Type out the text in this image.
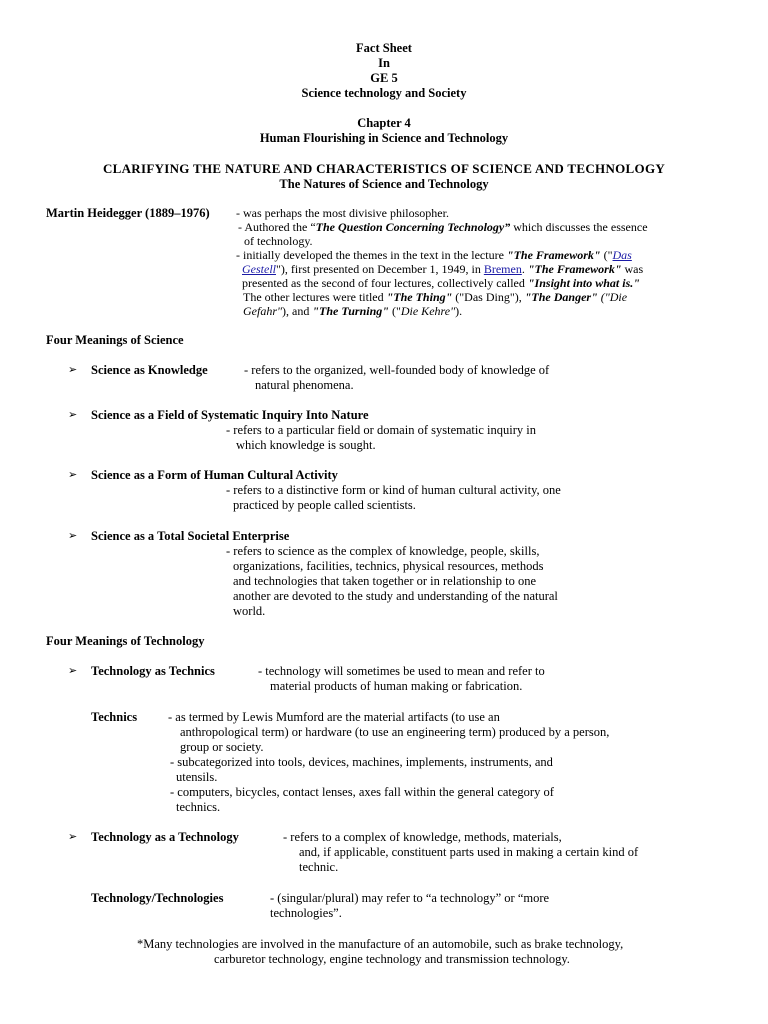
Fact Sheet
In
GE 5
Science technology and Society
Chapter 4
Human Flourishing in Science and Technology
CLARIFYING THE NATURE AND CHARACTERISTICS OF SCIENCE AND TECHNOLOGY
The Natures of Science and Technology
Martin Heidegger (1889–1976) - was perhaps the most divisive philosopher.
- Authored the “The Question Concerning Technology” which discusses the essence
of technology.
- initially developed the themes in the text in the lecture "The Framework" ("Das
Gestell"), first presented on December 1, 1949, in Bremen. "The Framework" was
presented as the second of four lectures, collectively called "Insight into what is."
The other lectures were titled "The Thing" ("Das Ding"), "The Danger" ("Die
Gefahr"), and "The Turning" ("Die Kehre").
Four Meanings of Science
➢ Science as Knowledge	- refers to the organized, well-founded body of knowledge of
natural phenomena.
➢ Science as a Field of Systematic Inquiry Into Nature
- refers to a particular field or domain of systematic inquiry in
which knowledge is sought.
➢ Science as a Form of Human Cultural Activity
- refers to a distinctive form or kind of human cultural activity, one
practiced by people called scientists.
➢ Science as a Total Societal Enterprise
- refers to science as the complex of knowledge, people, skills,
organizations, facilities, technics, physical resources, methods
and technologies that taken together or in relationship to one
another are devoted to the study and understanding of the natural
world.
Four Meanings of Technology
➢ Technology as Technics	- technology will sometimes be used to mean and refer to
material products of human making or fabrication.
Technics - as termed by Lewis Mumford are the material artifacts (to use an
anthropological term) or hardware (to use an engineering term) produced by a person,
group or society.
- subcategorized into tools, devices, machines, implements, instruments, and
utensils.
- computers, bicycles, contact lenses, axes fall within the general category of
technics.
➢ Technology as a Technology	- refers to a complex of knowledge, methods, materials,
and, if applicable, constituent parts used in making a certain kind of
technic.
Technology/Technologies	- (singular/plural) may refer to “a technology” or “more
technologies”.
*Many technologies are involved in the manufacture of an automobile, such as brake technology,
carburetor technology, engine technology and transmission technology.
